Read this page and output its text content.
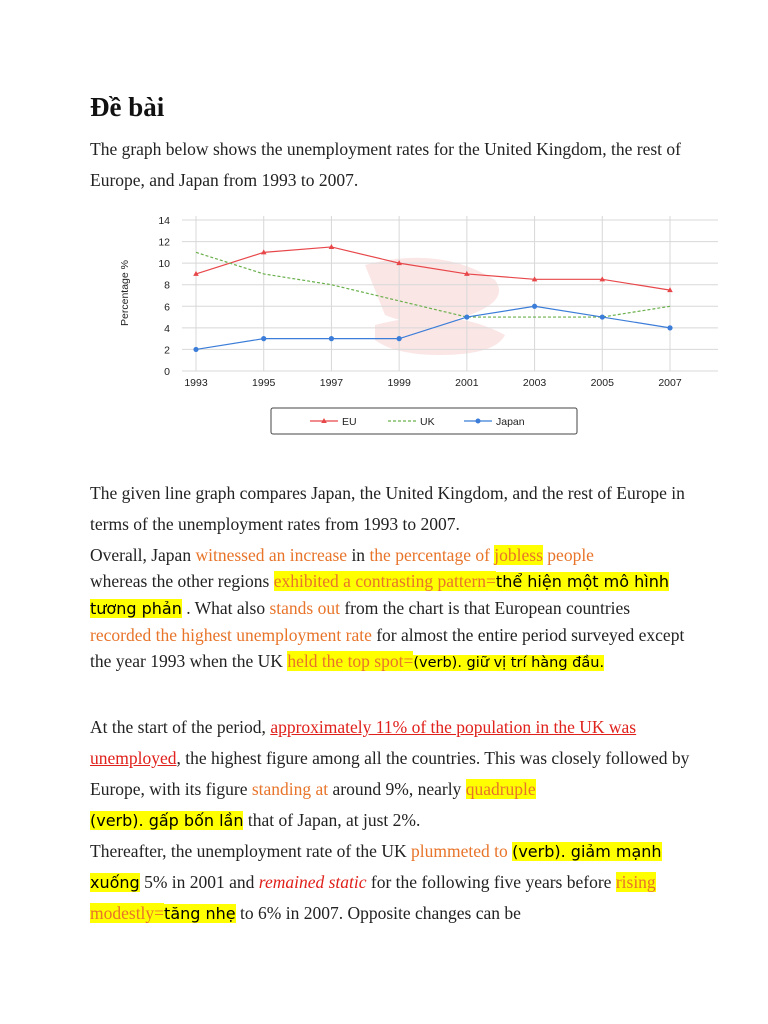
Đề bài

The graph below shows the unemployment rates for the United Kingdom, the rest of Europe, and Japan from 1993 to 2007.

0
2
4
6
8
10
12
14
1993	1995	1997	1999	2001	2003	2005	2007
Percentage %
EU	UK	Japan

The given line graph compares Japan, the United Kingdom, and the rest of Europe in terms of the unemployment rates from 1993 to 2007.

Overall, Japan witnessed an increase in the percentage of jobless people
whereas the other regions exhibited a contrasting pattern=thể hiện một mô hình tương phản . What also stands out from the chart is that European countries recorded the highest unemployment rate for almost the entire period surveyed except the year 1993 when the UK held the top spot=(verb). giữ vị trí hàng đầu.
At the start of the period, approximately 11% of the population in the UK was unemployed, the highest figure among all the countries. This was closely followed by Europe, with its figure standing at around 9%, nearly quadruple
(verb). gấp bốn lần that of Japan, at just 2%.
Thereafter, the unemployment rate of the UK plummeted to (verb). giảm mạnh xuống 5% in 2001 and remained static for the following five years before rising modestly=tăng nhẹ to 6% in 2007. Opposite changes can be
